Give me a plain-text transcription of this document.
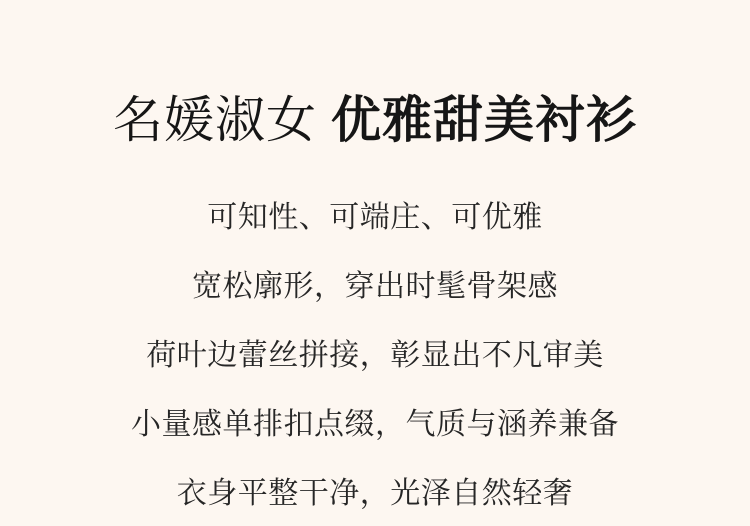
名媛淑女 优雅甜美衬衫
可知性、可端庄、可优雅
宽松廓形，穿出时髦骨架感
荷叶边蕾丝拼接，彰显出不凡审美
小量感单排扣点缀，气质与涵养兼备
衣身平整干净，光泽自然轻奢
